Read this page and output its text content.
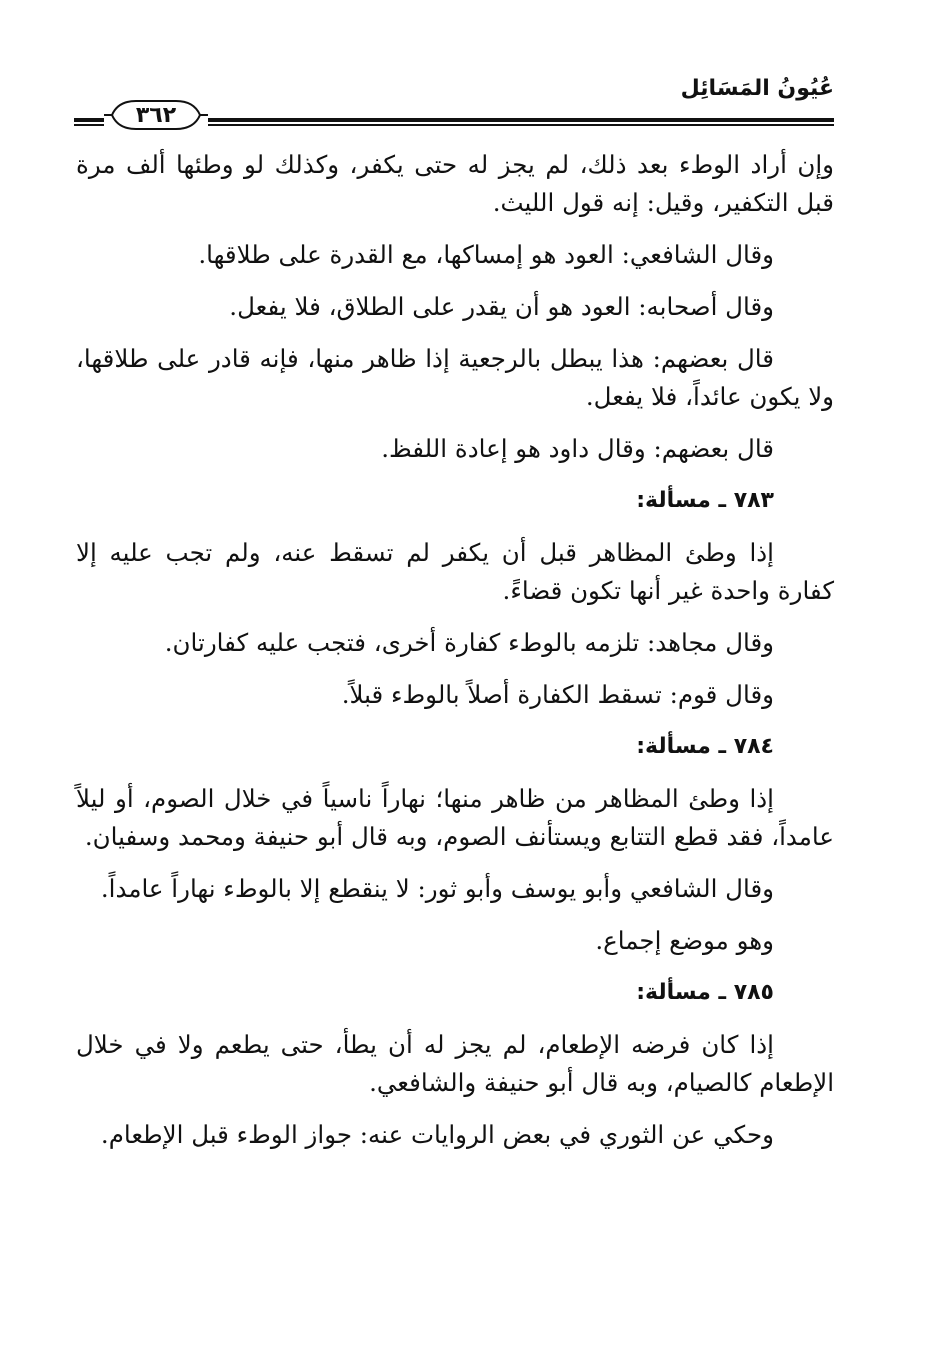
عُيُونُ المَسَائِل
٣٦٢

وإن أراد الوطء بعد ذلك، لم يجز له حتى يكفر، وكذلك لو وطئها ألف مرة قبل التكفير، وقيل: إنه قول الليث.

وقال الشافعي: العود هو إمساكها، مع القدرة على طلاقها.

وقال أصحابه: العود هو أن يقدر على الطلاق، فلا يفعل.

قال بعضهم: هذا يبطل بالرجعية إذا ظاهر منها، فإنه قادر على طلاقها، ولا يكون عائداً، فلا يفعل.

قال بعضهم: وقال داود هو إعادة اللفظ.

٧٨٣ ـ مسألة:

إذا وطئ المظاهر قبل أن يكفر لم تسقط عنه، ولم تجب عليه إلا كفارة واحدة غير أنها تكون قضاءً.

وقال مجاهد: تلزمه بالوطء كفارة أخرى، فتجب عليه كفارتان.

وقال قوم: تسقط الكفارة أصلاً بالوطء قبلاً.

٧٨٤ ـ مسألة:

إذا وطئ المظاهر من ظاهر منها؛ نهاراً ناسياً في خلال الصوم، أو ليلاً عامداً، فقد قطع التتابع ويستأنف الصوم، وبه قال أبو حنيفة ومحمد وسفيان.

وقال الشافعي وأبو يوسف وأبو ثور: لا ينقطع إلا بالوطء نهاراً عامداً.

وهو موضع إجماع.

٧٨٥ ـ مسألة:

إذا كان فرضه الإطعام، لم يجز له أن يطأ، حتى يطعم ولا في خلال الإطعام كالصيام، وبه قال أبو حنيفة والشافعي.

وحكي عن الثوري في بعض الروايات عنه: جواز الوطء قبل الإطعام.
